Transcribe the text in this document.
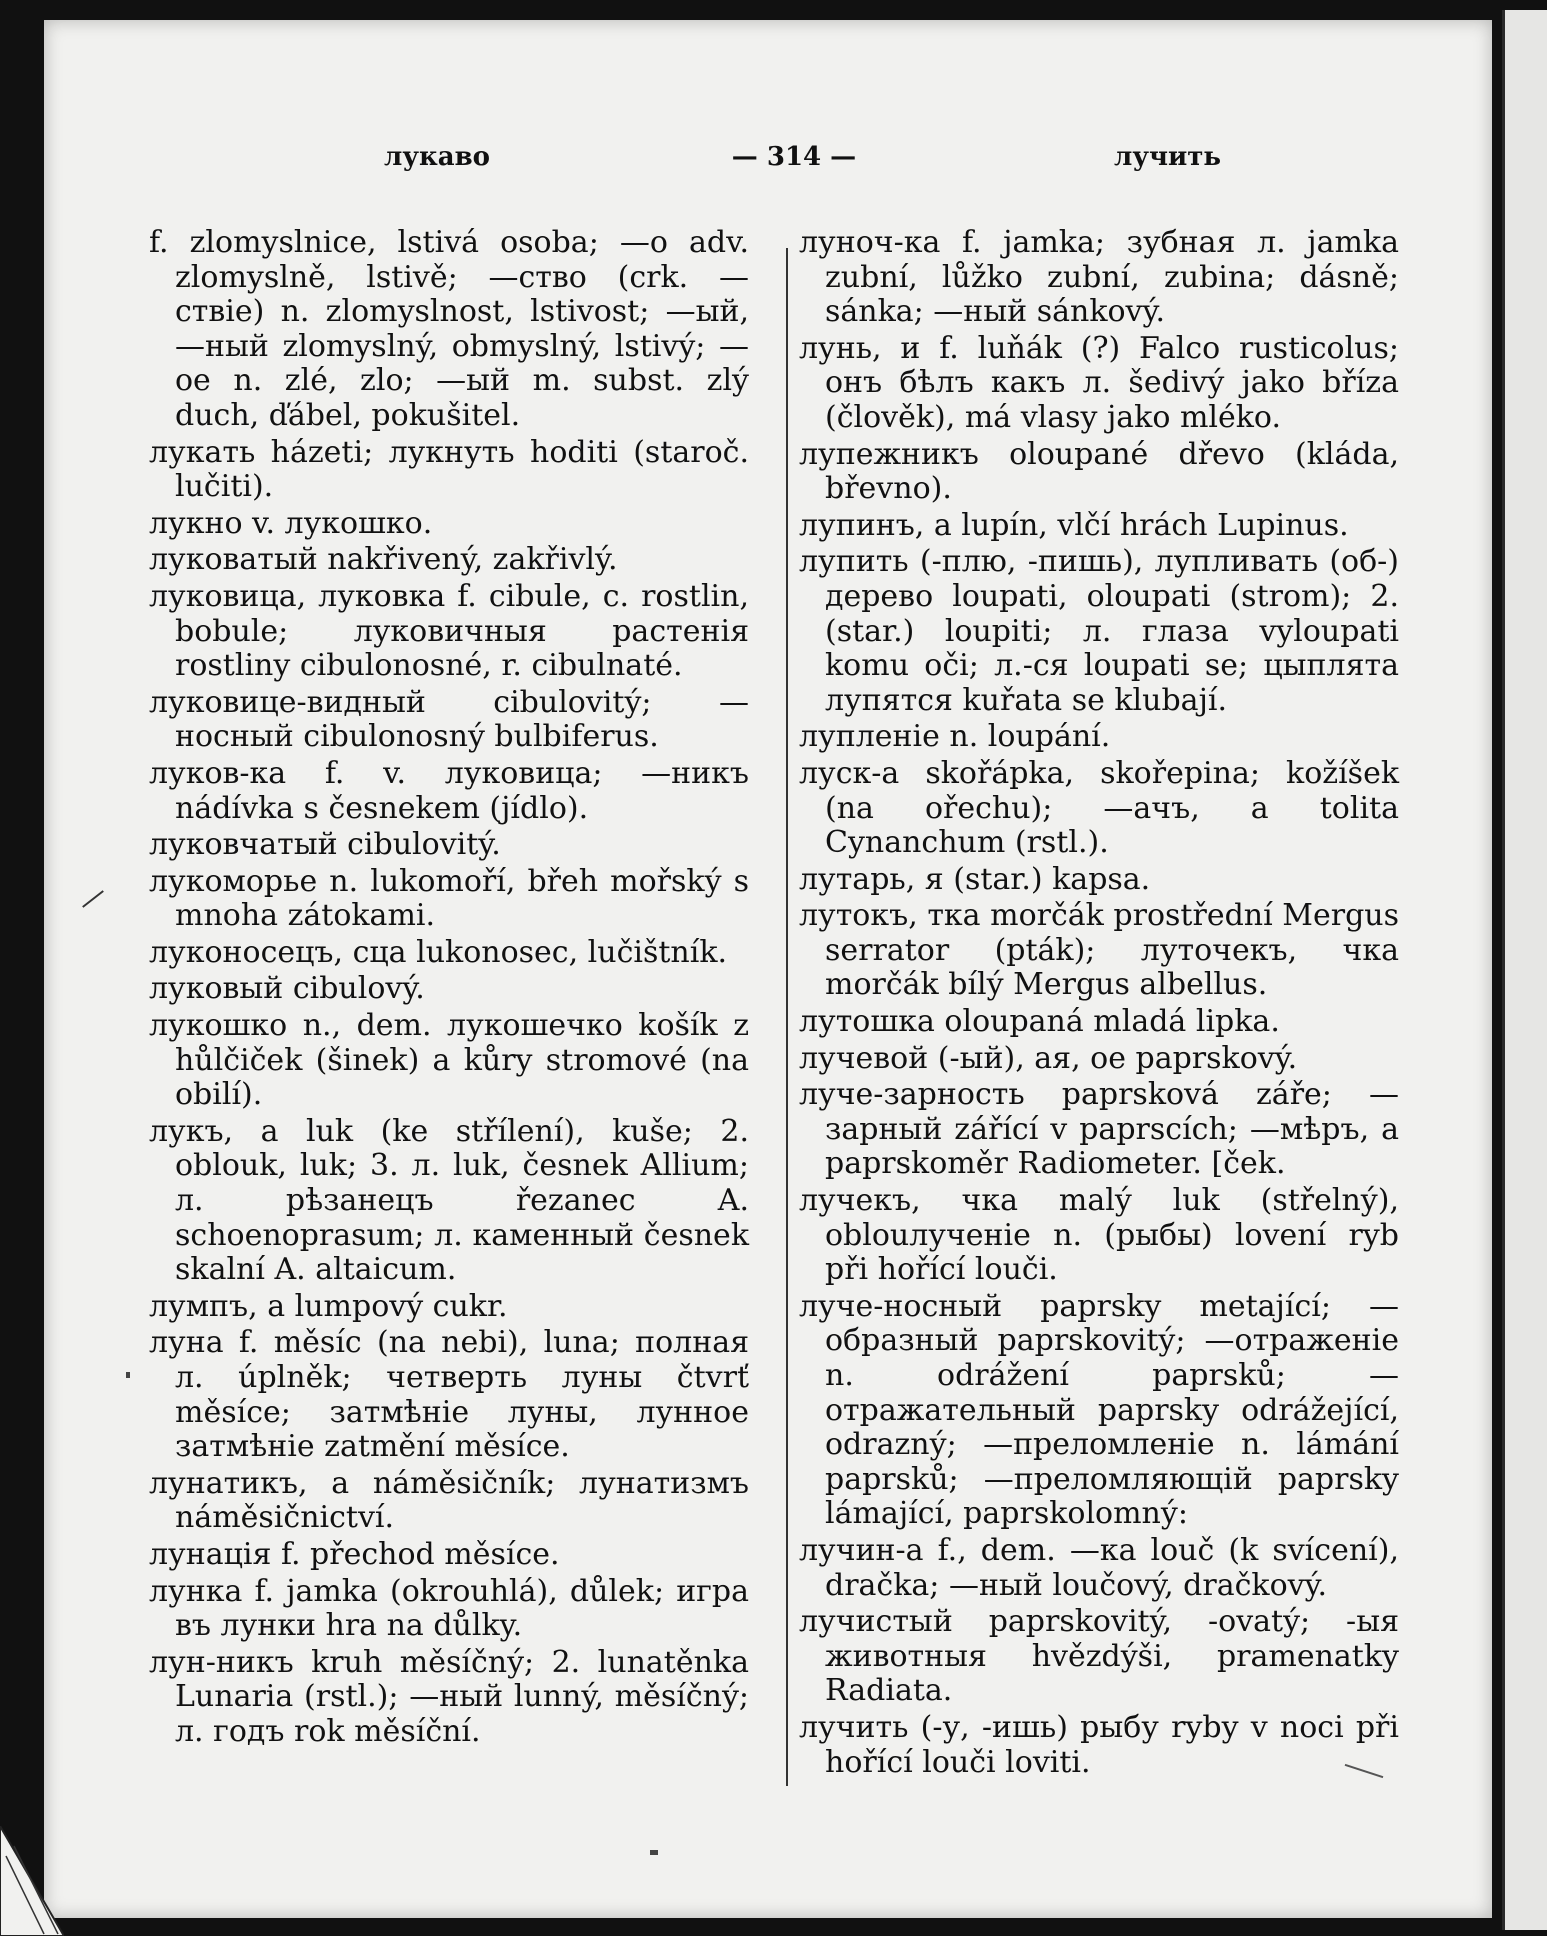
лукаво	— 314 —	лучить
f. zlomyslnice, lstivá osoba; —о adv. zlomyslně, lstivě; —ство (crk. —ствіе) n. zlomyslnost, lstivost; —ый, —ный zlomyslný, obmyslný, lstivý; —ое n. zlé, zlo; —ый m. subst. zlý duch, ďábel, pokušitel.
лукать házeti; лукнуть hoditi (staroč. lučiti).
лукно v. лукошко.
луковатый nakřivený, zakřivlý.
луковица, луковка f. cibule, c. rostlin, bobule; луковичныя растенія rostliny cibulonosné, r. cibulnaté.
луковице-видный cibulovitý; —носный cibulonosný bulbiferus.
луков-ка f. v. луковица; —никъ nádívka s česnekem (jídlo).
луковчатый cibulovitý.
лукоморье n. lukomoří, břeh mořský s mnoha zátokami.
луконосецъ, сца lukonosec, lučištník.
луковый cibulový.
лукошко n., dem. лукошечко košík z hůlčiček (šinek) a kůry stromové (na obilí).
лукъ, а luk (ke střílení), kuše; 2. oblouk, luk; 3. л. luk, česnek Allium; л. рѣзанецъ řezanec A. schoenoprasum; л. каменный česnek skalní A. altaicum.
лумпъ, а lumpový cukr.
луна f. měsíc (na nebi), luna; полная л. úplněk; четверть луны čtvrť měsíce; затмѣніе луны, лунное затмѣніе zatmění měsíce.
лунатикъ, а náměsičník; лунатизмъ náměsičnictví.
лунація f. přechod měsíce.
лунка f. jamka (okrouhlá), důlek; игра въ лунки hra na důlky.
лун-никъ kruh měsíčný; 2. lunatěnka Lunaria (rstl.); —ный lunný, měsíčný; л. годъ rok měsíční.
луноч-ка f. jamka; зубная л. jamka zubní, lůžko zubní, zubina; dásně; sánka; —ный sánkový.
лунь, и f. luňák (?) Falco rusticolus; онъ бѣлъ какъ л. šedivý jako bříza (člověk), má vlasy jako mléko.
лупежникъ oloupané dřevo (kláda, břevno).
лупинъ, а lupín, vlčí hrách Lupinus.
лупить (-плю, -пишь), лупливать (об-) дерево loupati, oloupati (strom); 2. (star.) loupiti; л. глаза vyloupati komu oči; л.-ся loupati se; цыплята лупятся kuřata se klubají.
лупленіе n. loupání.
луск-а skořápka, skořepina; kožíšek (na ořechu); —ачъ, а tolita Cynanchum (rstl.).
лутарь, я (star.) kapsa.
лутокъ, тка morčák prostřední Mergus serrator (pták); луточекъ, чка morčák bílý Mergus albellus.
лутошка oloupaná mladá lipka.
лучевой (-ый), ая, ое paprskový.
луче-зарность paprsková záře; —зарный zářící v paprscích; —мѣръ, а paprskoměr Radiometer. [ček.
лучекъ, чка malý luk (střelný), oblouлученіе n. (рыбы) lovení ryb při hořící louči.
луче-носный paprsky metající; —образный paprskovitý; —отраженіе n. odrážení paprsků; —отражательный paprsky odrážející, odrazný; —преломленіе n. lámání paprsků; —преломляющій paprsky lámající, paprskolomný:
лучин-а f., dem. —ка louč (k svícení), dračka; —ный loučový, dračkový.
лучистый paprskovitý, -ovatý; -ыя животныя hvězdýši, pramenatky Radiata.
лучить (-у, -ишь) рыбу ryby v noci při hořící louči loviti.
